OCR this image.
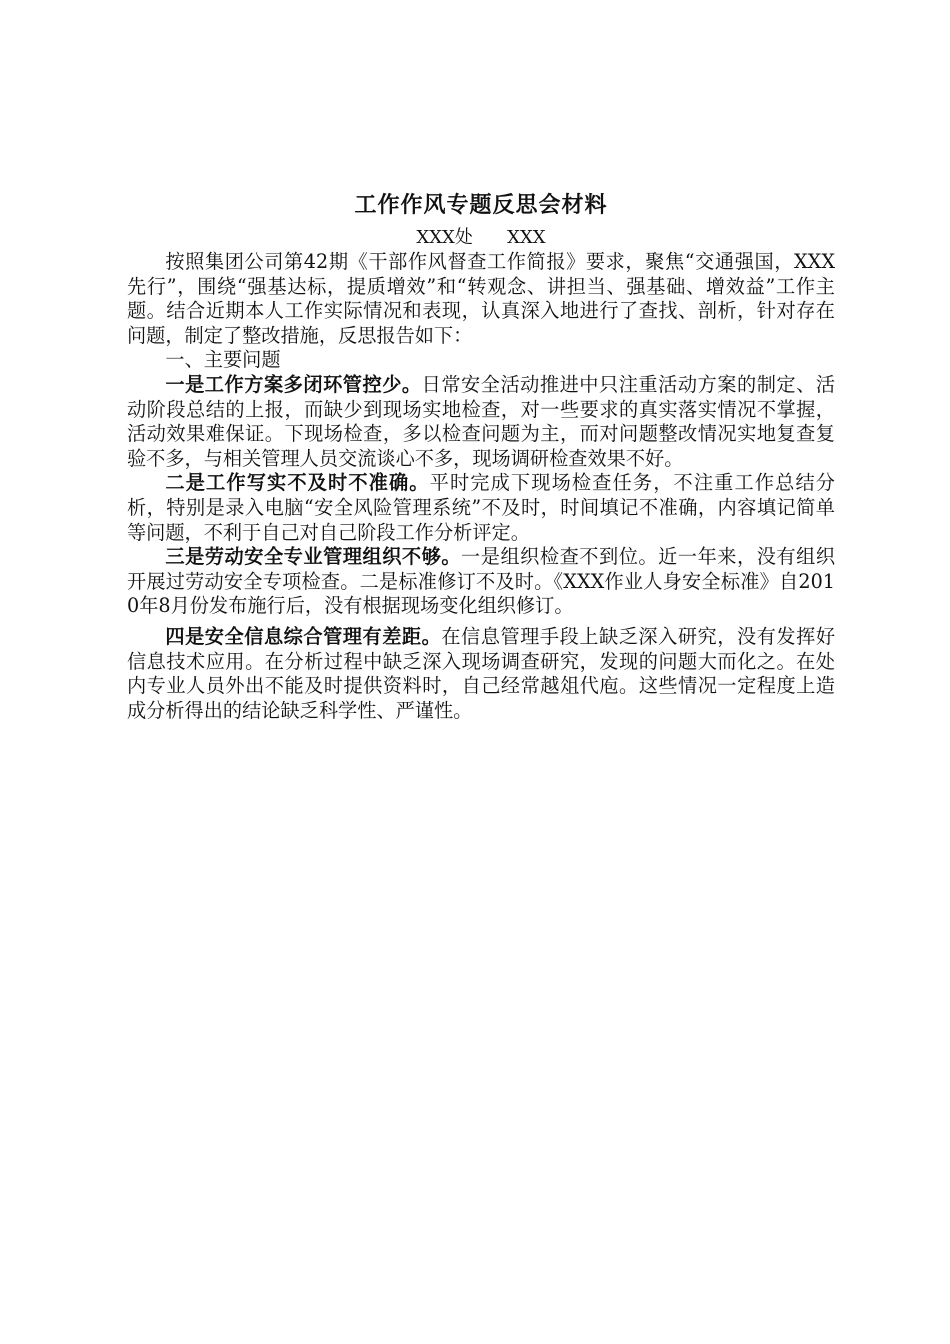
工作作风专题反思会材料

XXX处      XXX

按照集团公司第42期《干部作风督查工作简报》要求，聚焦“交通强国，XXX先行”，围绕“强基达标，提质增效”和“转观念、讲担当、强基础、增效益”工作主题。结合近期本人工作实际情况和表现，认真深入地进行了查找、剖析，针对存在问题，制定了整改措施，反思报告如下：

一、主要问题

一是工作方案多闭环管控少。日常安全活动推进中只注重活动方案的制定、活动阶段总结的上报，而缺少到现场实地检查，对一些要求的真实落实情况不掌握，活动效果难保证。下现场检查，多以检查问题为主，而对问题整改情况实地复查复验不多，与相关管理人员交流谈心不多，现场调研检查效果不好。

二是工作写实不及时不准确。平时完成下现场检查任务，不注重工作总结分析，特别是录入电脑“安全风险管理系统”不及时，时间填记不准确，内容填记简单等问题，不利于自己对自己阶段工作分析评定。

三是劳动安全专业管理组织不够。一是组织检查不到位。近一年来，没有组织开展过劳动安全专项检查。二是标准修订不及时。《XXX作业人身安全标准》自2010年8月份发布施行后，没有根据现场变化组织修订。

四是安全信息综合管理有差距。在信息管理手段上缺乏深入研究，没有发挥好信息技术应用。在分析过程中缺乏深入现场调查研究，发现的问题大而化之。在处内专业人员外出不能及时提供资料时，自己经常越俎代庖。这些情况一定程度上造成分析得出的结论缺乏科学性、严谨性。
